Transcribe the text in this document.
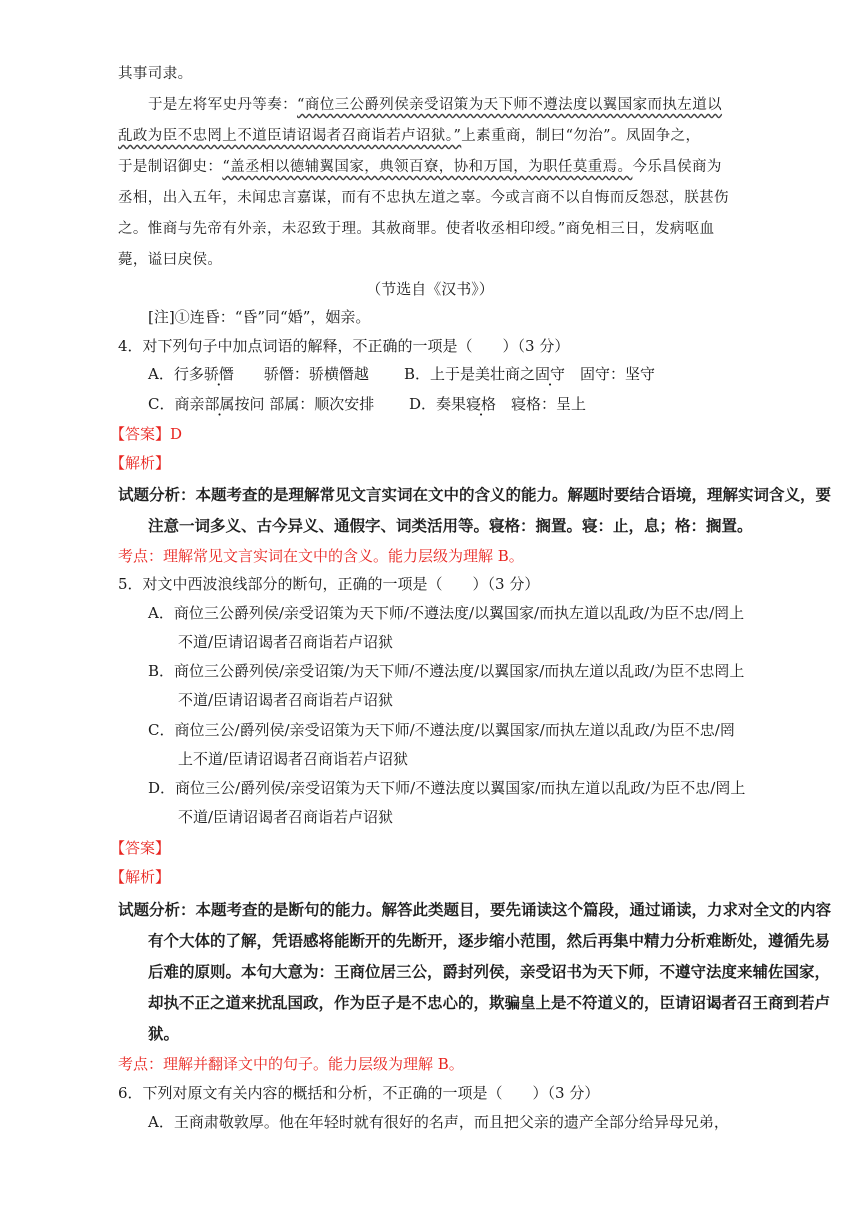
其事司隶。
于是左将军史丹等奏：“商位三公爵列侯亲受诏策为天下师不遵法度以翼国家而执左道以
乱政为臣不忠罔上不道臣请诏谒者召商诣若卢诏狱。”上素重商，制曰“勿治”。凤固争之，
于是制诏御史：“盖丞相以德辅翼国家，典领百寮，协和万国，为职任莫重焉。今乐昌侯商为
丞相，出入五年，未闻忠言嘉谋，而有不忠执左道之辜。今或言商不以自悔而反怨怼，朕甚伤
之。惟商与先帝有外亲，未忍致于理。其赦商罪。使者收丞相印绶。”商免相三日，发病呕血
薨，谥曰戾侯。
（节选自《汉书》）
[注]①连昏：“昏”同“婚”，姻亲。
4．对下列句子中加点词语的解释，不正确的一项是（　　）（3 分）
A．行多骄僭　　骄僭：骄横僭越 B．上于是美壮商之固守　固守：坚守
C．商亲部属按问 部属：顺次安排 D．奏果寝格　寝格：呈上
【答案】D
【解析】
试题分析：本题考查的是理解常见文言实词在文中的含义的能力。解题时要结合语境，理解实词含义，要
注意一词多义、古今异义、通假字、词类活用等。寝格：搁置。寝：止，息；格：搁置。
考点：理解常见文言实词在文中的含义。能力层级为理解 B。
5．对文中西波浪线部分的断句，正确的一项是（　　）（3 分）
A．商位三公爵列侯/亲受诏策为天下师/不遵法度/以翼国家/而执左道以乱政/为臣不忠/罔上
不道/臣请诏谒者召商诣若卢诏狱
B．商位三公爵列侯/亲受诏策/为天下师/不遵法度/以翼国家/而执左道以乱政/为臣不忠罔上
不道/臣请诏谒者召商诣若卢诏狱
C．商位三公/爵列侯/亲受诏策为天下师/不遵法度/以翼国家/而执左道以乱政/为臣不忠/罔
上不道/臣请诏谒者召商诣若卢诏狱
D．商位三公/爵列侯/亲受诏策为天下师/不遵法度以翼国家/而执左道以乱政/为臣不忠/罔上
不道/臣请诏谒者召商诣若卢诏狱
【答案】
【解析】
试题分析：本题考查的是断句的能力。解答此类题目，要先诵读这个篇段，通过诵读，力求对全文的内容
有个大体的了解，凭语感将能断开的先断开，逐步缩小范围，然后再集中精力分析难断处，遵循先易
后难的原则。本句大意为：王商位居三公，爵封列侯，亲受诏书为天下师，不遵守法度来辅佐国家，
却执不正之道来扰乱国政，作为臣子是不忠心的，欺骗皇上是不符道义的，臣请诏谒者召王商到若卢
狱。
考点：理解并翻译文中的句子。能力层级为理解 B。
6．下列对原文有关内容的概括和分析，不正确的一项是（　　）（3 分）
A．王商肃敬敦厚。他在年轻时就有很好的名声，而且把父亲的遗产全部分给异母兄弟，
